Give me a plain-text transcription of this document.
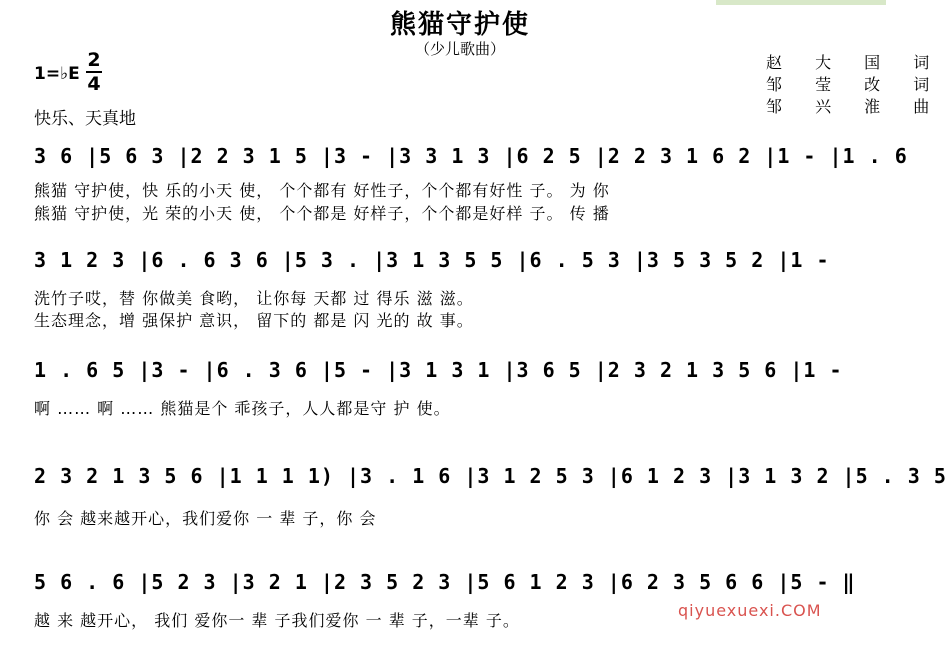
熊猫守护使
（少儿歌曲）
赵 大 国 词
邹 莹 改 词
邹 兴 淮 曲
1=♭E
2
4
快乐、天真地
3 6 |5 6 3 |2 2 3 1 5 |3 - |3 3 1 3 |6 2 5 |2 2 3 1 6 2 |1 - |1 . 6
熊猫 守护使，快 乐的小天 使， 个个都有 好性子，个个都有好性 子。 为 你
熊猫 守护使，光 荣的小天 使， 个个都是 好样子，个个都是好样 子。 传 播
3 1 2 3 |6 . 6 3 6 |5 3 . |3 1 3 5 5 |6 . 5 3 |3 5 3 5 2 |1 -
洗竹子哎，替 你做美 食哟， 让你每 天都 过 得乐 滋 滋。
生态理念，增 强保护 意识， 留下的 都是 闪 光的 故 事。
1 . 6 5 |3 - |6 . 3 6 |5 - |3 1 3 1 |3 6 5 |2 3 2 1 3 5 6 |1 -
啊 …… 啊 …… 熊猫是个 乖孩子，人人都是守 护 使。
2 3 2 1 3 5 6 |1 1 1 1) |3 . 1 6 |3 1 2 5 3 |6 1 2 3 |3 1 3 2 |5 . 3 5
你 会 越来越开心，我们爱你 一 辈 子，你 会
5 6 . 6 |5 2 3 |3 2 1 |2 3 5 2 3 |5 6 1 2 3 |6 2 3 5 6 6 |5 - ‖
越 来 越开心， 我们 爱你一 辈 子我们爱你 一 辈 子，一辈 子。
qiyuexuexi.COM
